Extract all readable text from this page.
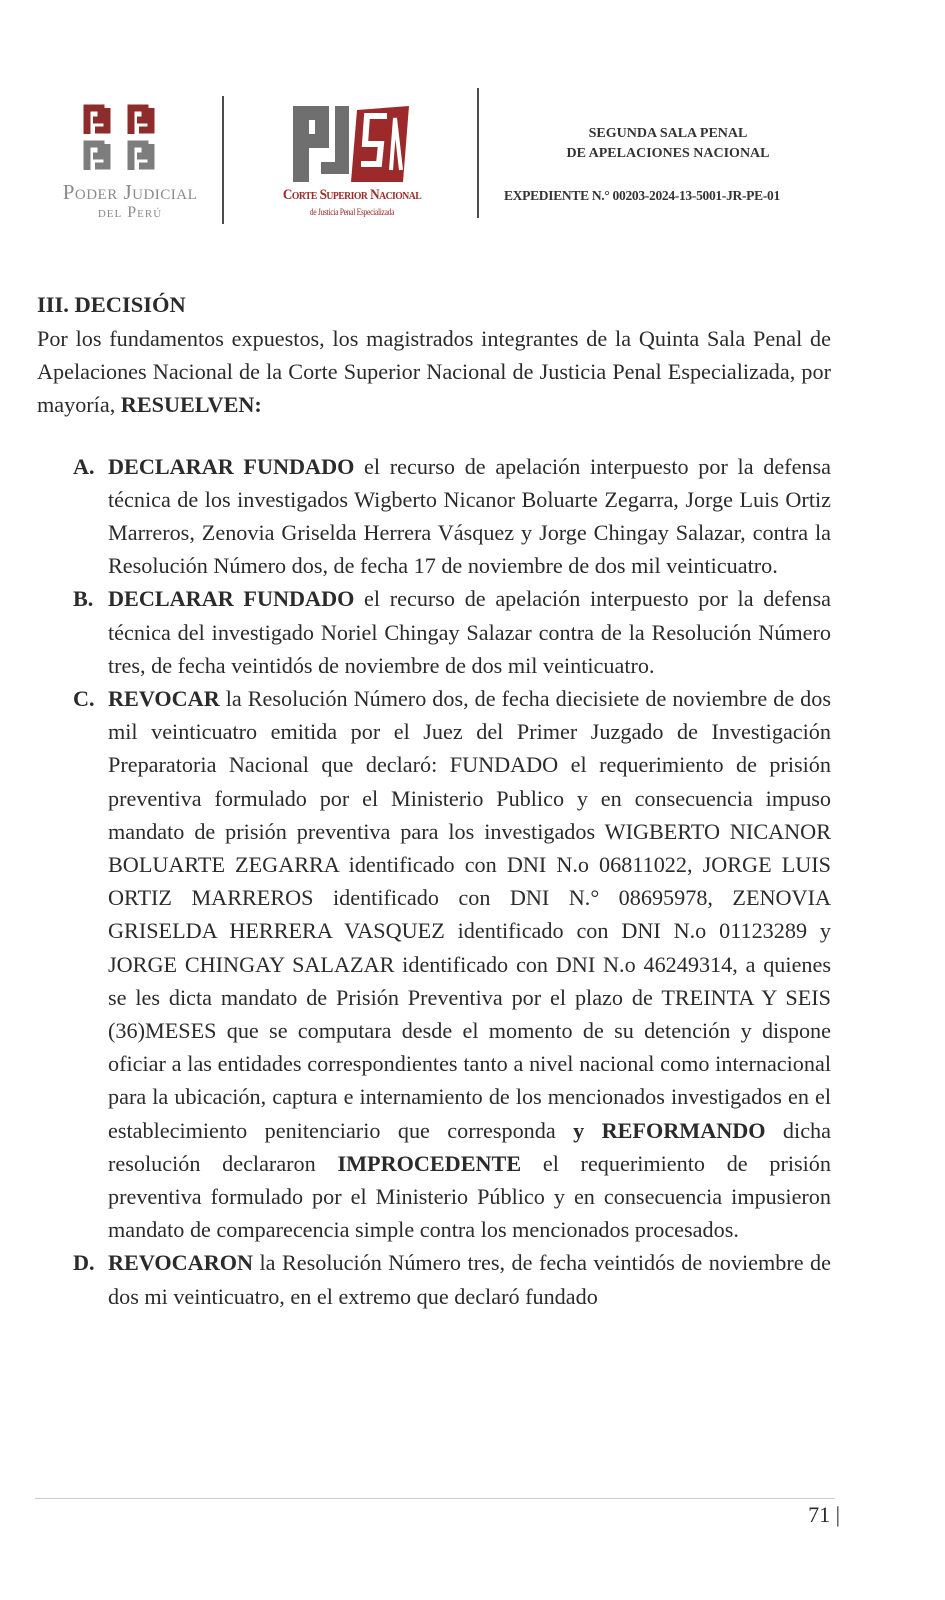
Poder Judicial
del Perú
Corte Superior Nacional
de Justicia Penal Especializada
SEGUNDA SALA PENAL
DE APELACIONES NACIONAL
EXPEDIENTE N.° 00203-2024-13-5001-JR-PE-01
III. DECISIÓN

Por los fundamentos expuestos, los magistrados integrantes de la Quinta Sala Penal de Apelaciones Nacional de la Corte Superior Nacional de Justicia Penal Especializada, por mayoría, RESUELVEN:

A. DECLARAR FUNDADO el recurso de apelación interpuesto por la defensa técnica de los investigados Wigberto Nicanor Boluarte Zegarra, Jorge Luis Ortiz Marreros, Zenovia Griselda Herrera Vásquez y Jorge Chingay Salazar, contra la Resolución Número dos, de fecha 17 de noviembre de dos mil veinticuatro.
B. DECLARAR FUNDADO el recurso de apelación interpuesto por la defensa técnica del investigado Noriel Chingay Salazar contra de la Resolución Número tres, de fecha veintidós de noviembre de dos mil veinticuatro.
C. REVOCAR la Resolución Número dos, de fecha diecisiete de noviembre de dos mil veinticuatro emitida por el Juez del Primer Juzgado de Investigación Preparatoria Nacional que declaró: FUNDADO el requerimiento de prisión preventiva formulado por el Ministerio Publico y en consecuencia impuso mandato de prisión preventiva para los investigados WIGBERTO NICANOR BOLUARTE ZEGARRA identificado con DNI N.o 06811022, JORGE LUIS ORTIZ MARREROS identificado con DNI N.° 08695978, ZENOVIA GRISELDA HERRERA VASQUEZ identificado con DNI N.o 01123289 y JORGE CHINGAY SALAZAR identificado con DNI N.o 46249314, a quienes se les dicta mandato de Prisión Preventiva por el plazo de TREINTA Y SEIS (36)MESES que se computara desde el momento de su detención y dispone oficiar a las entidades correspondientes tanto a nivel nacional como internacional para la ubicación, captura e internamiento de los mencionados investigados en el establecimiento penitenciario que corresponda y REFORMANDO dicha resolución declararon IMPROCEDENTE el requerimiento de prisión preventiva formulado por el Ministerio Público y en consecuencia impusieron mandato de comparecencia simple contra los mencionados procesados.
D. REVOCARON la Resolución Número tres, de fecha veintidós de noviembre de dos mi veinticuatro, en el extremo que declaró fundado
71 |
